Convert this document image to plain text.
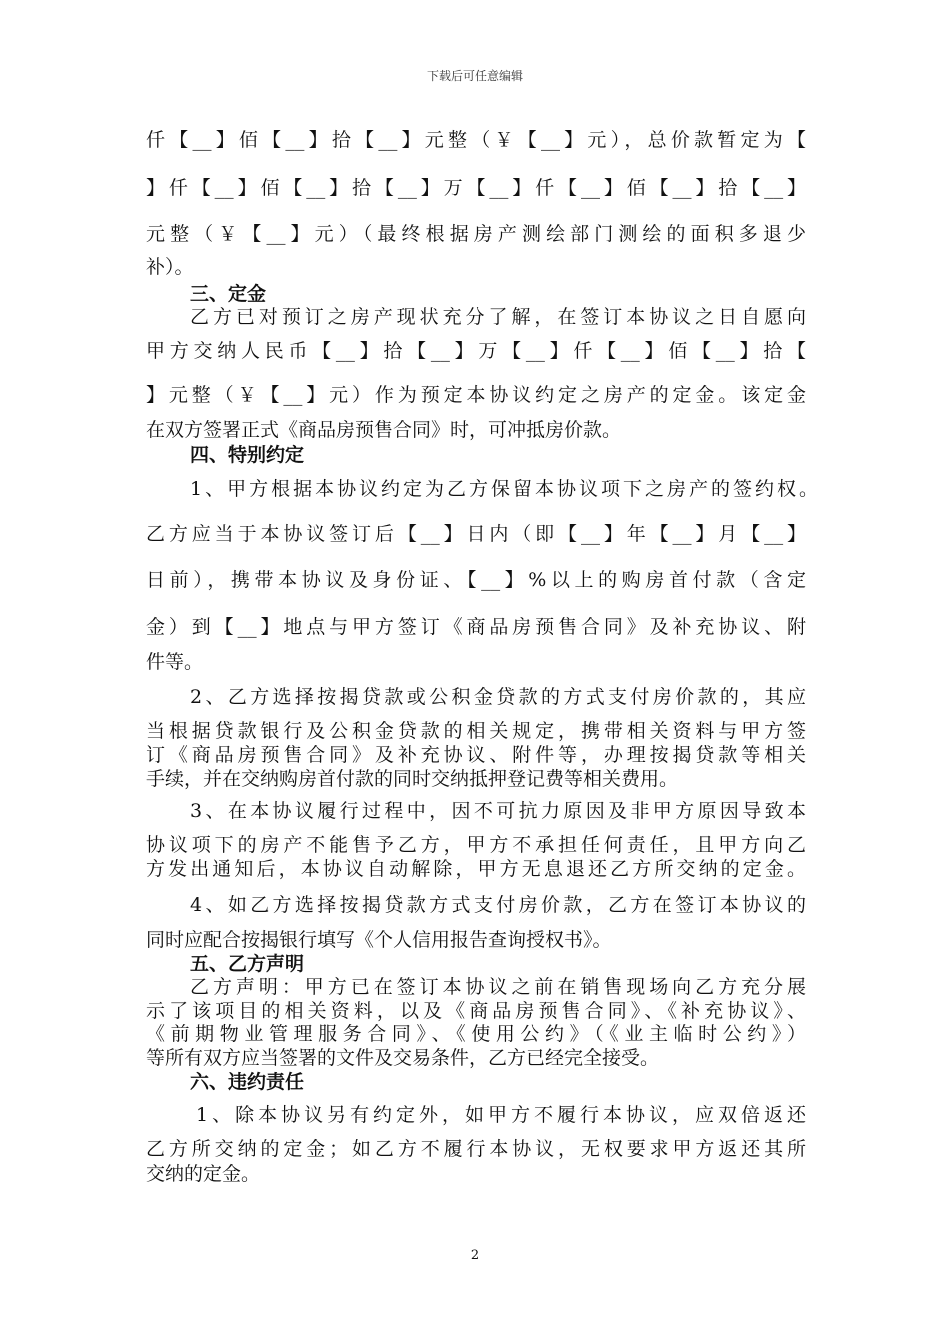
下载后可任意编辑
仟【__】佰【__】拾【__】元整（￥【__】元），总价款暂定为【
】仟【__】佰【__】拾【__】万【__】仟【__】佰【__】拾【__】
元整（￥【__】元）（最终根据房产测绘部门测绘的面积多退少
补）。
三、定金
乙方已对预订之房产现状充分了解，在签订本协议之日自愿向
甲方交纳人民币【__】拾【__】万【__】仟【__】佰【__】拾【
】元整（￥【__】元）作为预定本协议约定之房产的定金。该定金
在双方签署正式《商品房预售合同》时，可冲抵房价款。
四、特别约定
1、甲方根据本协议约定为乙方保留本协议项下之房产的签约权。
乙方应当于本协议签订后【__】日内（即【__】年【__】月【__】
日前），携带本协议及身份证、【__】%以上的购房首付款（含定
金）到【__】地点与甲方签订《商品房预售合同》及补充协议、附
件等。
2、乙方选择按揭贷款或公积金贷款的方式支付房价款的，其应
当根据贷款银行及公积金贷款的相关规定，携带相关资料与甲方签
订《商品房预售合同》及补充协议、附件等，办理按揭贷款等相关
手续，并在交纳购房首付款的同时交纳抵押登记费等相关费用。
3、在本协议履行过程中，因不可抗力原因及非甲方原因导致本
协议项下的房产不能售予乙方，甲方不承担任何责任，且甲方向乙
方发出通知后，本协议自动解除，甲方无息退还乙方所交纳的定金。
4、如乙方选择按揭贷款方式支付房价款，乙方在签订本协议的
同时应配合按揭银行填写《个人信用报告查询授权书》。
五、乙方声明
乙方声明：甲方已在签订本协议之前在销售现场向乙方充分展
示了该项目的相关资料，以及《商品房预售合同》、《补充协议》、
《前期物业管理服务合同》、《使用公约》（《业主临时公约》）
等所有双方应当签署的文件及交易条件，乙方已经完全接受。
六、违约责任
1、除本协议另有约定外，如甲方不履行本协议，应双倍返还
乙方所交纳的定金；如乙方不履行本协议，无权要求甲方返还其所
交纳的定金。
2
